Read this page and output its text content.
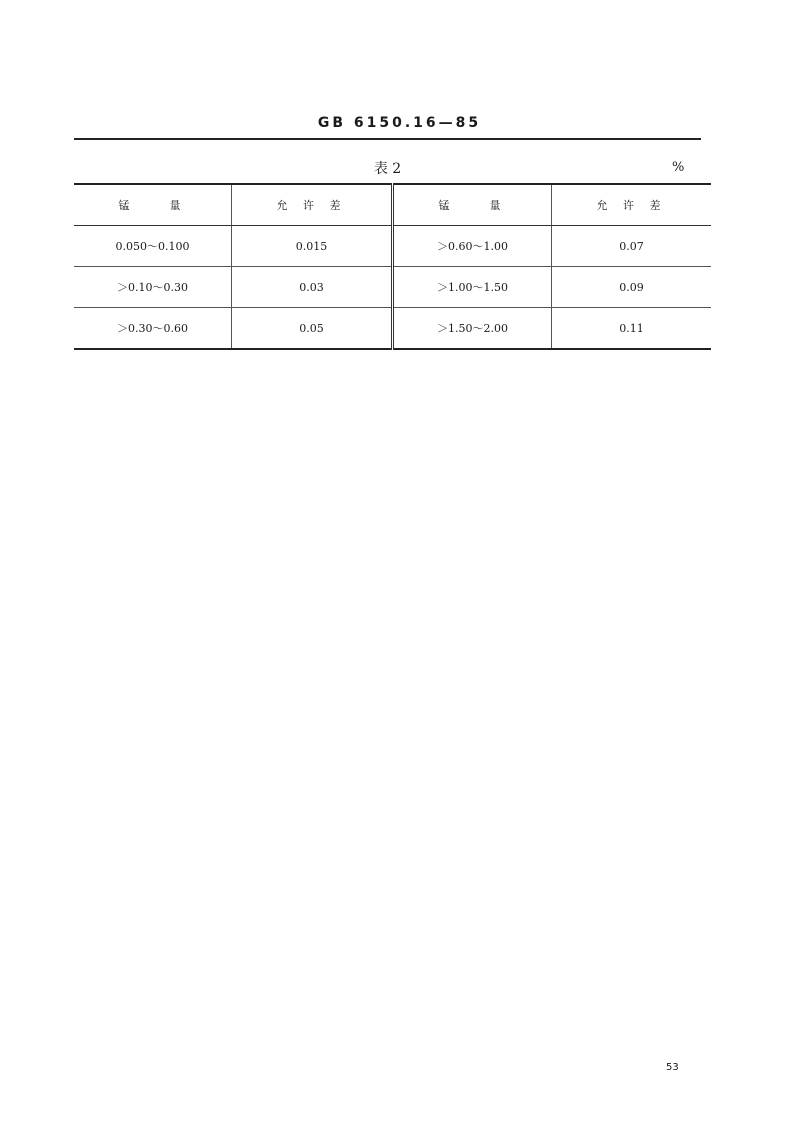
GB 6150.16—85
表 2	%
锰　　量	允 许 差	锰　　量	允 许 差
0.050～0.100	0.015	＞0.60～1.00	0.07
＞0.10～0.30	0.03	＞1.00～1.50	0.09
＞0.30～0.60	0.05	＞1.50～2.00	0.11
53
